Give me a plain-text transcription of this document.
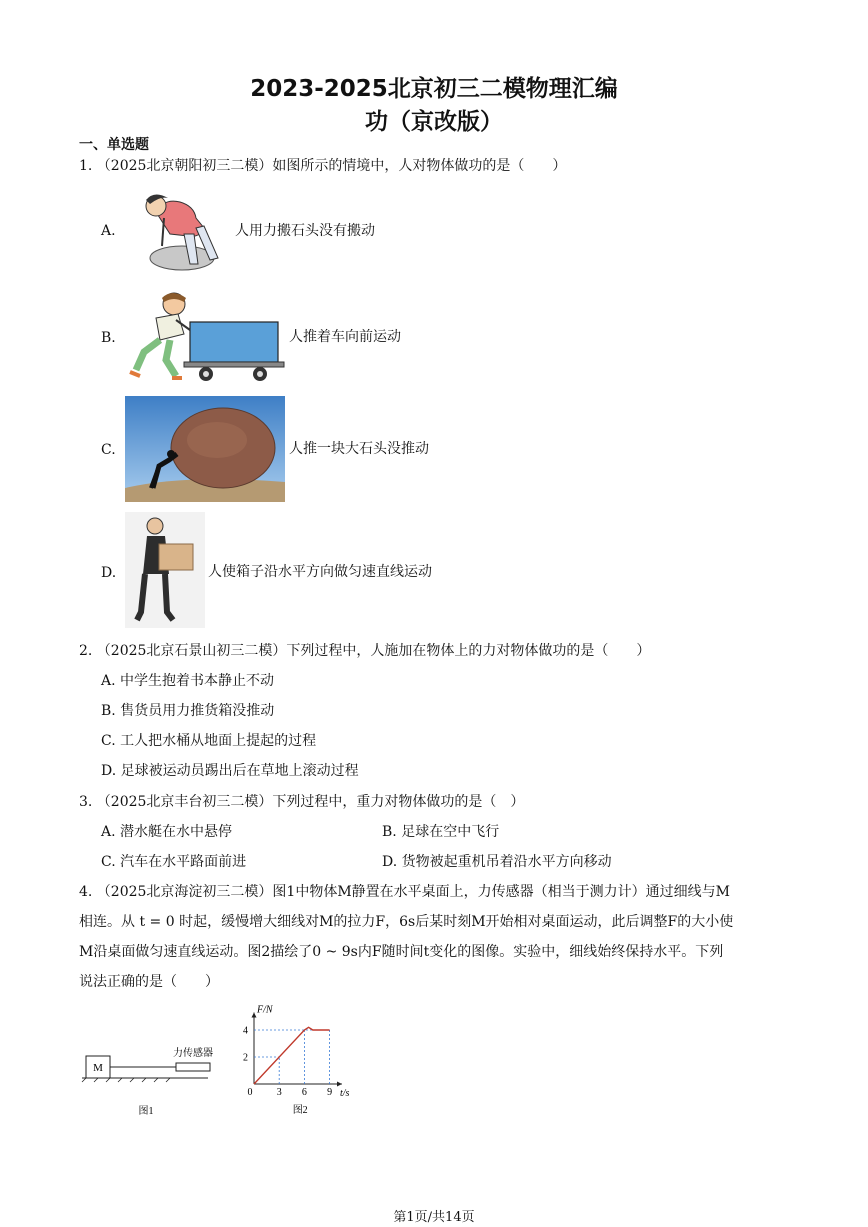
2023-2025北京初三二模物理汇编
功（京改版）
一、单选题
1. （2025北京朝阳初三二模）如图所示的情境中，人对物体做功的是（　　）
A.	人用力搬石头没有搬动
B.	人推着车向前运动
C.	人推一块大石头没推动
D.	人使箱子沿水平方向做匀速直线运动
2. （2025北京石景山初三二模）下列过程中，人施加在物体上的力对物体做功的是（　　）
A. 中学生抱着书本静止不动
B. 售货员用力推货箱没推动
C. 工人把水桶从地面上提起的过程
D. 足球被运动员踢出后在草地上滚动过程
3. （2025北京丰台初三二模）下列过程中，重力对物体做功的是（　）
A. 潜水艇在水中悬停	B. 足球在空中飞行
C. 汽车在水平路面前进	D. 货物被起重机吊着沿水平方向移动
4. （2025北京海淀初三二模）图1中物体M静置在水平桌面上，力传感器（相当于测力计）通过细线与M
相连。从 t = 0 时起，缓慢增大细线对M的拉力F，6s后某时刻M开始相对桌面运动，此后调整F的大小使
M沿桌面做匀速直线运动。图2描绘了0 ~ 9s内F随时间t变化的图像。实验中，细线始终保持水平。下列
说法正确的是（　　）
M
力传感器
图1
0 3 6 9
2
4
F/N
t/s
图2
第1页/共14页
